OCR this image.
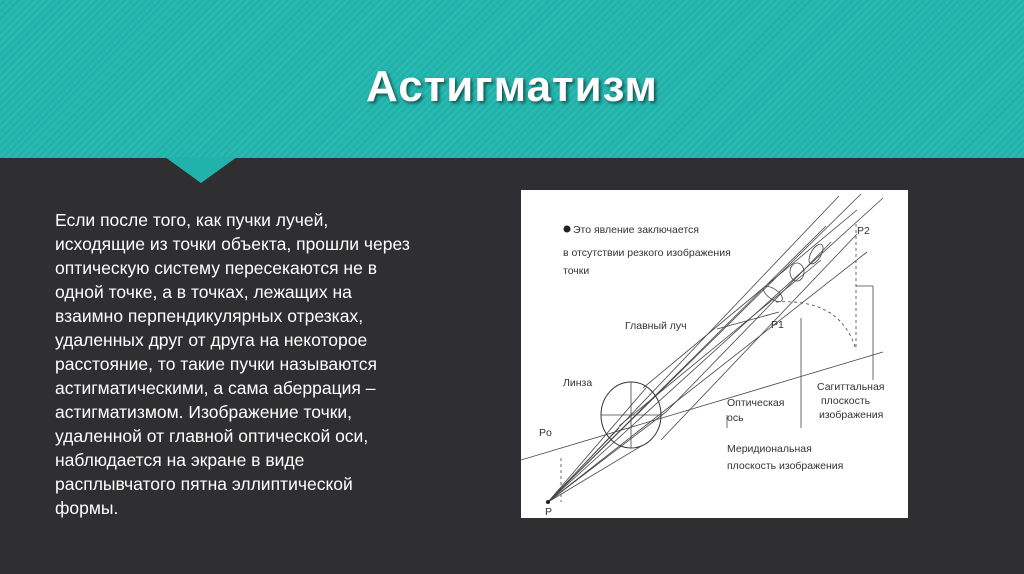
Астигматизм
Если после того, как пучки лучей,
исходящие из точки объекта, прошли через
оптическую систему пересекаются не в
одной точке, а в точках, лежащих на
взаимно перпендикулярных отрезках,
удаленных друг от друга на некоторое
расстояние, то такие пучки называются
астигматическими, а сама аберрация –
астигматизмом. Изображение точки,
удаленной от главной оптической оси,
наблюдается на экране в виде
расплывчатого пятна эллиптической
формы.
Это явление заключается
в отсутствии резкого изображения
точки
P2
P1
Главный луч
Линза
Оптическая
ось
Сагиттальная
плоскость
изображения
Меридиональная
плоскость изображения
Po
P
